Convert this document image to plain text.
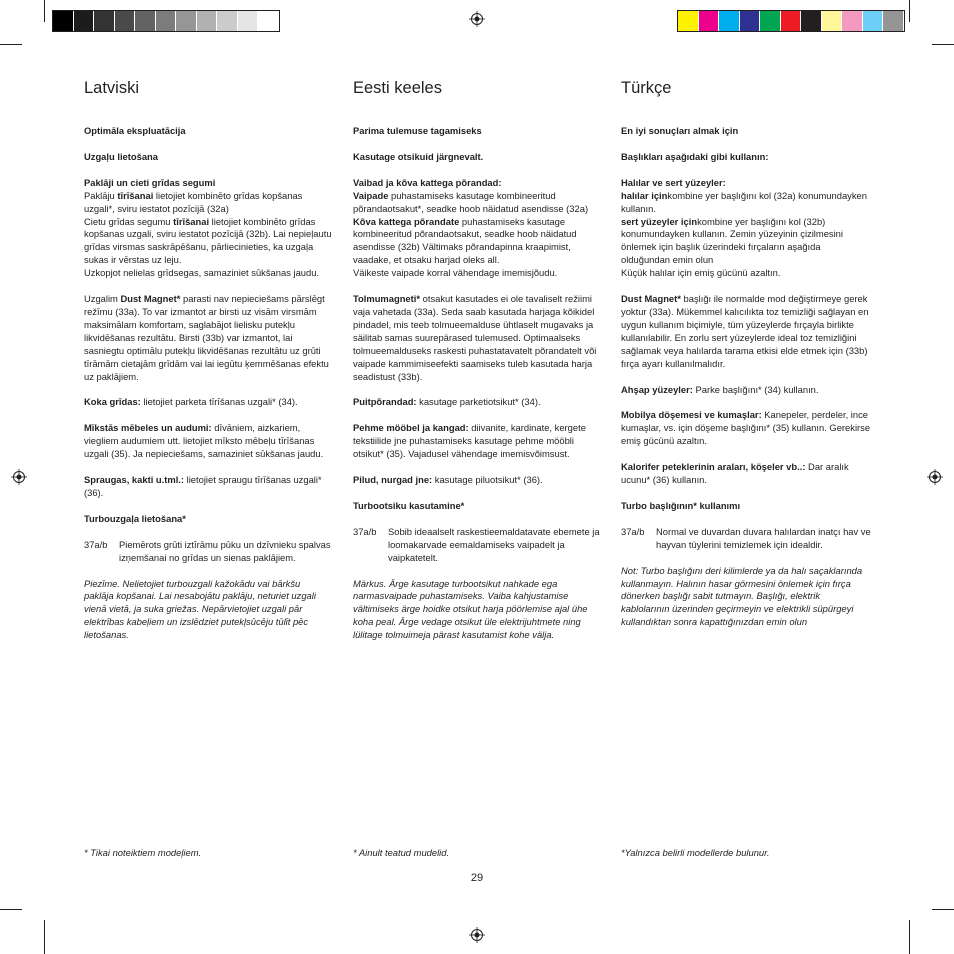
Latviski

Optimāla ekspluatācija

Uzgaļu lietošana

Paklāji un cieti grīdas segumi
Paklāju tīrīšanai lietojiet kombinēto grīdas kopšanas uzgali*, sviru iestatot pozīcijā (32a)
Cietu grīdas segumu tīrīšanai lietojiet kombinēto grīdas kopšanas uzgali, sviru iestatot pozīcijā (32b). Lai nepieļautu grīdas virsmas saskrāpēšanu, pārliecinieties, ka uzgaļa sukas ir vērstas uz leju.
Uzkopjot nelielas grīdsegas, samaziniet sūkšanas jaudu.

Uzgalim Dust Magnet* parasti nav nepieciešams pārslēgt režīmu (33a). To var izmantot ar birsti uz visām virsmām maksimālam komfortam, saglabājot lielisku putekļu likvidēšanas rezultātu. Birsti (33b) var izmantot, lai sasniegtu optimālu putekļu likvidēšanas rezultātu uz grūti tīrāmām cietajām grīdām vai lai iegūtu ķemmēšanas efektu uz paklājiem.

Koka grīdas: lietojiet parketa tīrīšanas uzgali* (34).

Mīkstās mēbeles un audumi: dīvāniem, aizkariem, viegliem audumiem utt. lietojiet mīksto mēbeļu tīrīšanas uzgali (35). Ja nepieciešams, samaziniet sūkšanas jaudu.

Spraugas, kakti u.tml.: lietojiet spraugu tīrīšanas uzgali* (36).

Turbouzgaļa lietošana*

37a/b	Piemērots grūti iztīrāmu pūku un dzīvnieku spalvas izņemšanai no grīdas un sienas paklājiem.

Piezīme. Nelietojiet turbouzgali kažokādu vai bārkšu paklāja kopšanai. Lai nesabojātu paklāju, neturiet uzgali vienā vietā, ja suka griežas. Nepārvietojiet uzgali pār elektrības kabeļiem un izslēdziet putekļsūcēju tūlīt pēc lietošanas.

* Tikai noteiktiem modeļiem.
Eesti keeles

Parima tulemuse tagamiseks

Kasutage otsikuid järgnevalt.

Vaibad ja kõva kattega põrandad:
Vaipade puhastamiseks kasutage kombineeritud põrandaotsakut*, seadke hoob näidatud asendisse (32a)
Kõva kattega põrandate puhastamiseks kasutage kombineeritud põrandaotsakut, seadke hoob näidatud asendisse (32b) Vältimaks põrandapinna kraapimist, vaadake, et otsaku harjad oleks all.
Väikeste vaipade korral vähendage imemisjõudu.

Tolmumagneti* otsakut kasutades ei ole tavaliselt režiimi vaja vahetada (33a). Seda saab kasutada harjaga kõikidel pindadel, mis teeb tolmueemalduse ühtlaselt mugavaks ja säilitab samas suurepärased tulemused. Optimaalseks tolmueemalduseks raskesti puhastatavatelt põrandatelt või vaipade kammimiseefekti saamiseks tuleb kasutada harja seadistust (33b).

Puitpõrandad: kasutage parketiotsikut* (34).

Pehme mööbel ja kangad: diivanite, kardinate, kergete tekstiilide jne puhastamiseks kasutage pehme mööbli otsikut* (35). Vajadusel vähendage imemisvõimsust.

Pilud, nurgad jne: kasutage piluotsikut* (36).

Turbootsiku kasutamine*

37a/b	Sobib ideaalselt raskestieemaldatavate ebemete ja loomakarvade eemaldamiseks vaipadelt ja vaipkatetelt.

Märkus. Ärge kasutage turbootsikut nahkade ega narmasvaipade puhastamiseks. Vaiba kahjustamise vältimiseks ärge hoidke otsikut harja pöörlemise ajal ühe koha peal. Ärge vedage otsikut üle elektrijuhtmete ning lülitage tolmuimeja pärast kasutamist kohe välja.

* Ainult teatud mudelid.
Türkçe

En iyi sonuçları almak için

Başlıkları aşağıdaki gibi kullanın:

Halılar ve sert yüzeyler:
halılar içinkombine yer başlığını kol (32a) konumundayken kullanın.
sert yüzeyler içinkombine yer başlığını kol (32b) konumundayken kullanın. Zemin yüzeyinin çizilmesini önlemek için başlık üzerindeki fırçaların aşağıda olduğundan emin olun
Küçük halılar için emiş gücünü azaltın.

Dust Magnet* başlığı ile normalde mod değiştirmeye gerek yoktur (33a). Mükemmel kalıcılıkta toz temizliği sağlayan en uygun kullanım biçimiyle, tüm yüzeylerde fırçayla birlikte kullanılabilir. En zorlu sert yüzeylerde ideal toz temizliğini sağlamak veya halılarda tarama etkisi elde etmek için (33b) fırça ayarı kullanılmalıdır.

Ahşap yüzeyler: Parke başlığını* (34) kullanın.

Mobilya döşemesi ve kumaşlar: Kanepeler, perdeler, ince kumaşlar, vs. için döşeme başlığını* (35) kullanın. Gerekirse emiş gücünü azaltın.

Kalorifer peteklerinin araları, köşeler vb..: Dar aralık ucunu* (36) kullanın.

Turbo başlığının* kullanımı

37a/b	Normal ve duvardan duvara halılardan inatçı hav ve hayvan tüylerini temizlemek için idealdir.

Not: Turbo başlığını deri kilimlerde ya da halı saçaklarında kullanmayın. Halının hasar görmesini önlemek için fırça dönerken başlığı sabit tutmayın. Başlığı, elektrik kablolarının üzerinden geçirmeyin ve elektrikli süpürgeyi kullandıktan sonra kapattığınızdan emin olun

*Yalnızca belirli modellerde bulunur.
29
